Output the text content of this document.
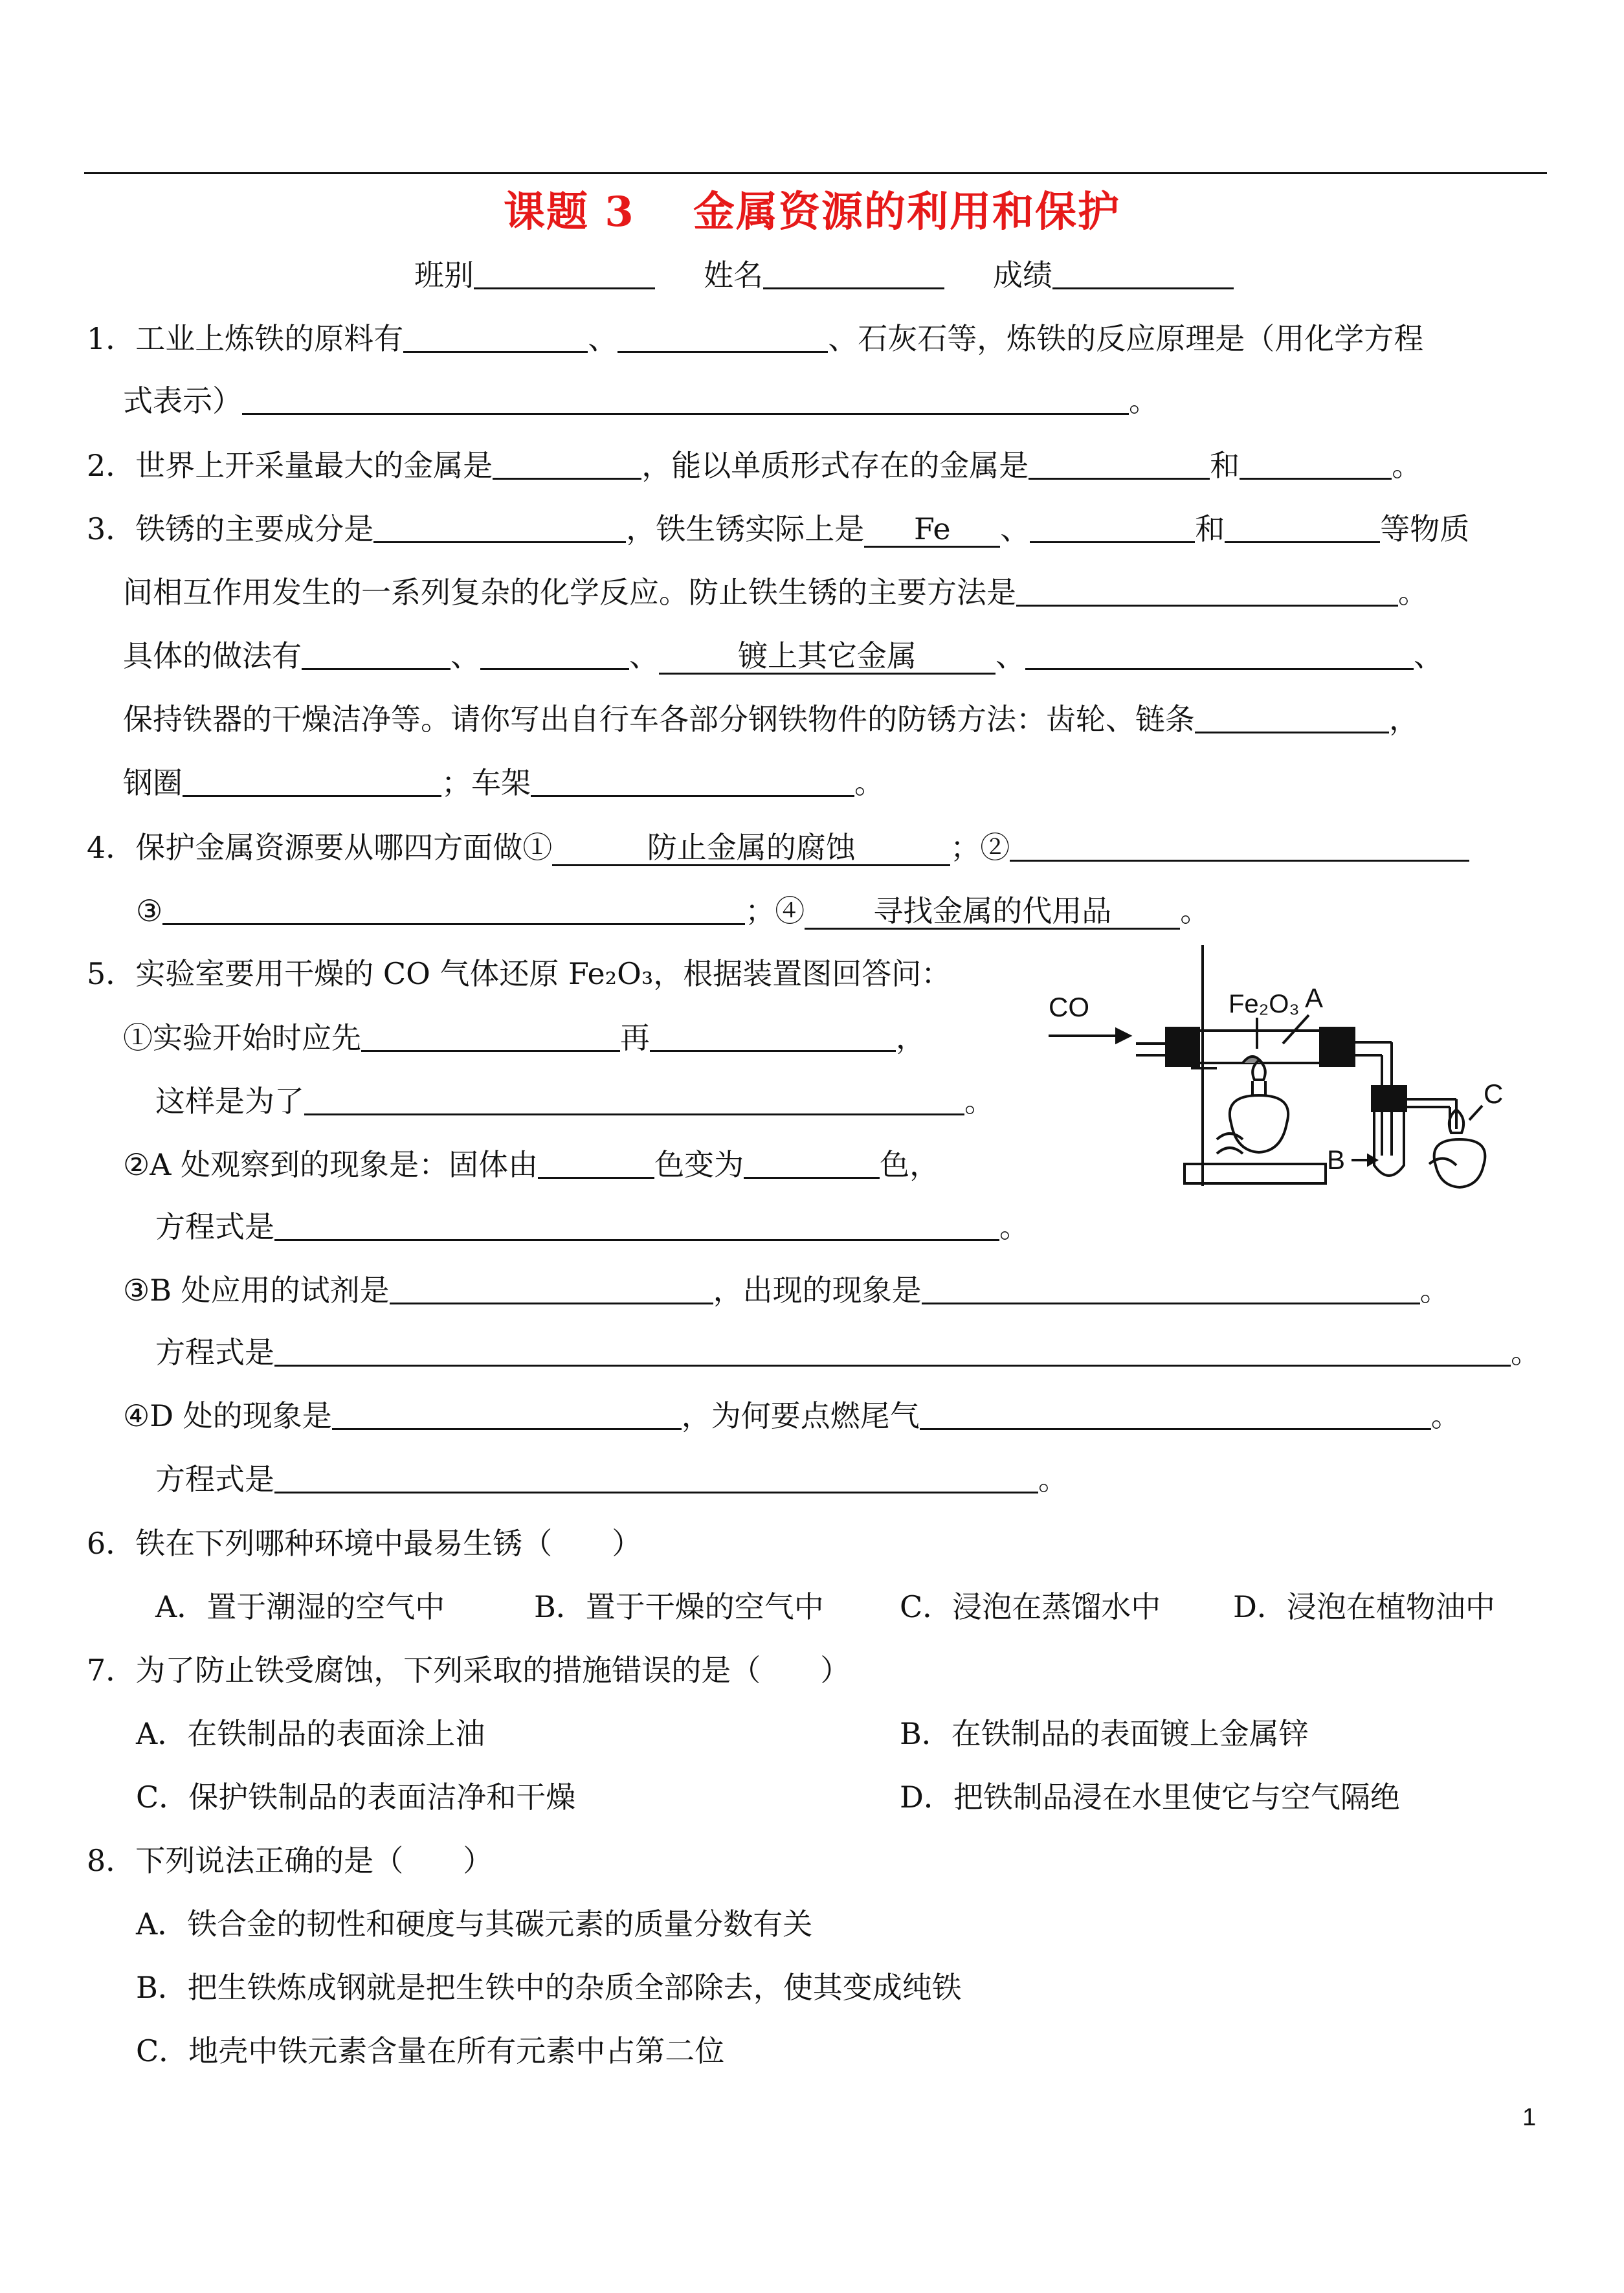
课题 3　 金属资源的利用和保护
班别	姓名	成绩
1．工业上炼铁的原料有	、	、石灰石等，炼铁的反应原理是（用化学方程
式表示）	。
2．世界上开采量最大的金属是	，能以单质形式存在的金属是	和	。
3．铁锈的主要成分是	，铁生锈实际上是 Fe 、	和	等物质
间相互作用发生的一系列复杂的化学反应。防止铁生锈的主要方法是	。
具体的做法有	、	、	镀上其它金属	、	、
保持铁器的干燥洁净等。请你写出自行车各部分钢铁物件的防锈方法：齿轮、链条	，
钢圈	；车架	。
4．保护金属资源要从哪四方面做①	防止金属的腐蚀	；②
③	；④ 寻找金属的代用品 。
5．实验室要用干燥的 CO 气体还原 Fe₂O₃，根据装置图回答问：
①实验开始时应先	再	，
这样是为了	。
②A 处观察到的现象是：固体由	色变为	色，
方程式是	。
③B 处应用的试剂是	，出现的现象是	。
方程式是	。
④D 处的现象是	，为何要点燃尾气	。
方程式是	。
CO	Fe₂O₃ A
B
C
6．铁在下列哪种环境中最易生锈（　　）
A．置于潮湿的空气中	B．置于干燥的空气中	C．浸泡在蒸馏水中 D．浸泡在植物油中
7．为了防止铁受腐蚀，下列采取的措施错误的是（　　）
A．在铁制品的表面涂上油	B．在铁制品的表面镀上金属锌
C．保护铁制品的表面洁净和干燥	D．把铁制品浸在水里使它与空气隔绝
8．下列说法正确的是（　　）
A．铁合金的韧性和硬度与其碳元素的质量分数有关
B．把生铁炼成钢就是把生铁中的杂质全部除去，使其变成纯铁
C．地壳中铁元素含量在所有元素中占第二位
1
